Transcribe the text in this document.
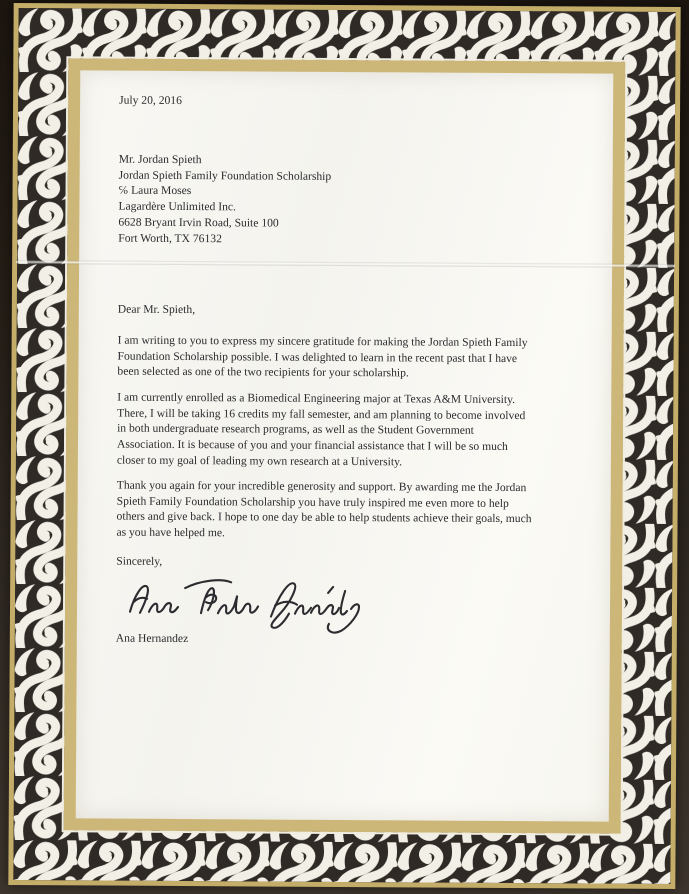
July 20, 2016
Mr. Jordan Spieth
Jordan Spieth Family Foundation Scholarship
℅ Laura Moses
Lagardère Unlimited Inc.
6628 Bryant Irvin Road, Suite 100
Fort Worth, TX 76132
Dear Mr. Spieth,
I am writing to you to express my sincere gratitude for making the Jordan Spieth Family
Foundation Scholarship possible. I was delighted to learn in the recent past that I have
been selected as one of the two recipients for your scholarship.
I am currently enrolled as a Biomedical Engineering major at Texas A&M University.
There, I will be taking 16 credits my fall semester, and am planning to become involved
in both undergraduate research programs, as well as the Student Government
Association. It is because of you and your financial assistance that I will be so much
closer to my goal of leading my own research at a University.
Thank you again for your incredible generosity and support. By awarding me the Jordan
Spieth Family Foundation Scholarship you have truly inspired me even more to help
others and give back. I hope to one day be able to help students achieve their goals, much
as you have helped me.
Sincerely,
Ana Hernandez
